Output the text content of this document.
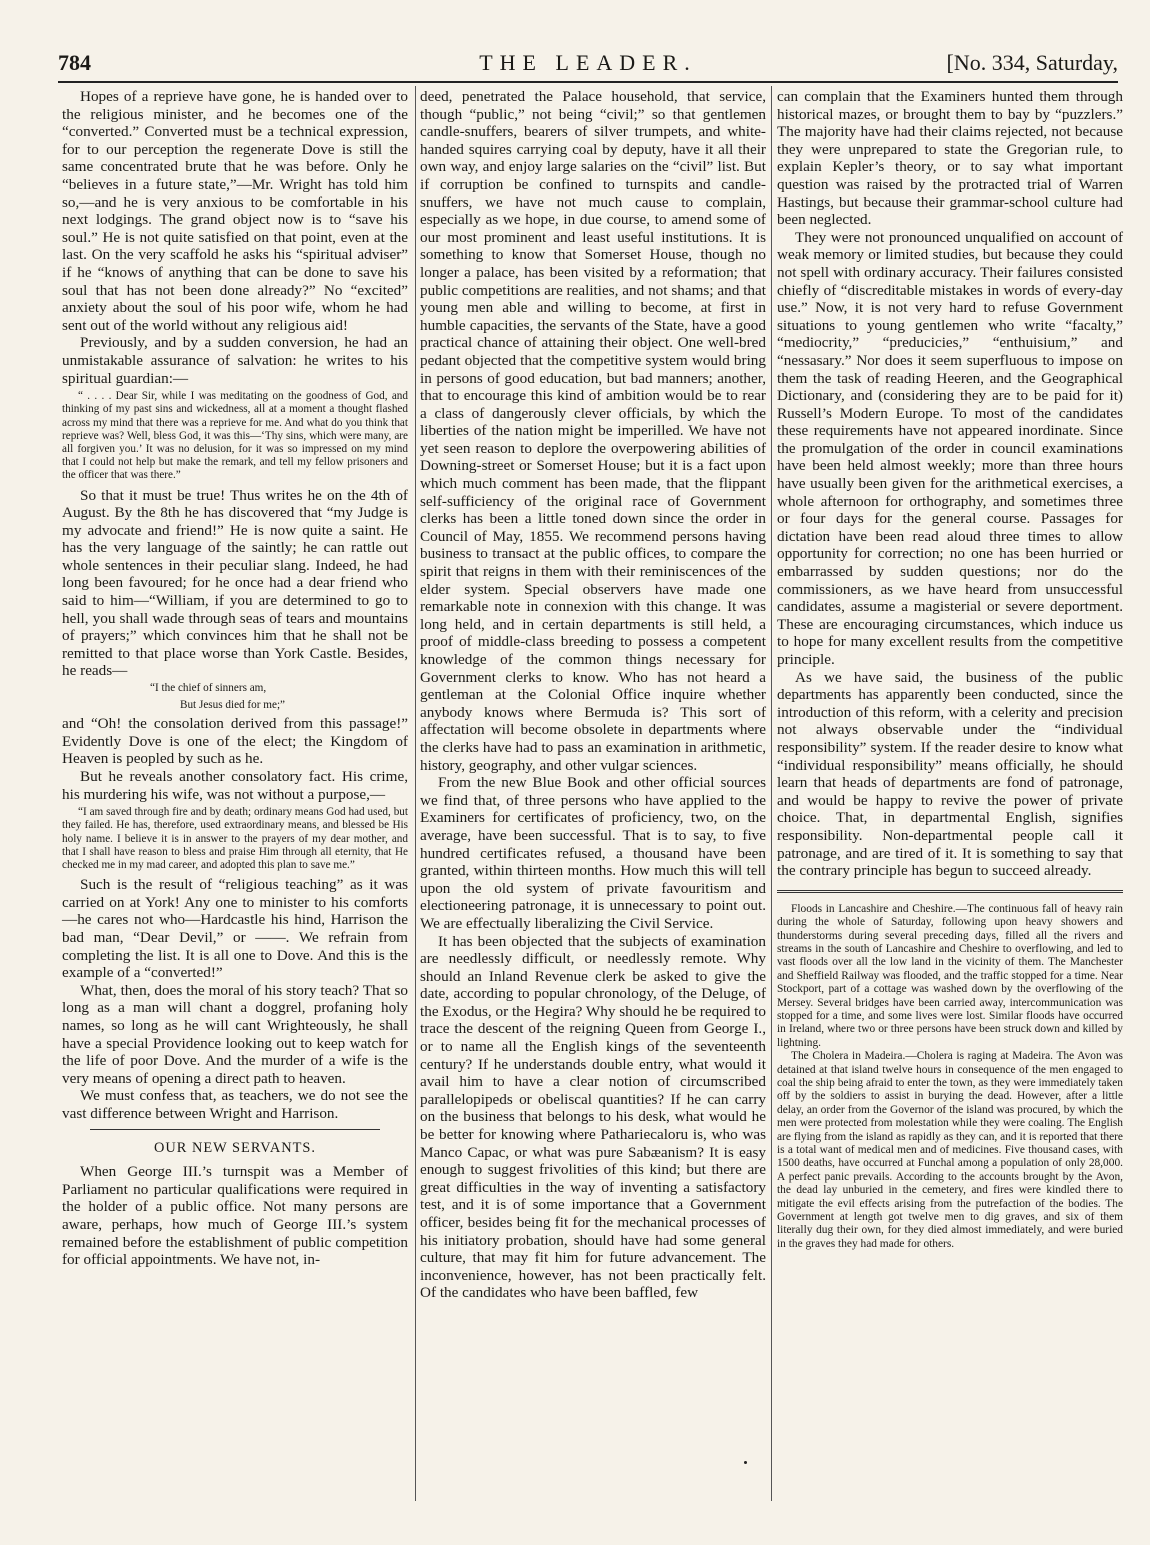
784	THE LEADER.	[No. 334, Saturday,

Hopes of a reprieve have gone, he is handed over to the religious minister, and he becomes one of the “converted.” Converted must be a technical expression, for to our perception the regenerate Dove is still the same concentrated brute that he was before. Only he “believes in a future state,”—Mr. Wright has told him so,—and he is very anxious to be comfortable in his next lodgings. The grand object now is to “save his soul.” He is not quite satisfied on that point, even at the last. On the very scaffold he asks his “spiritual adviser” if he “knows of anything that can be done to save his soul that has not been done already?” No “excited” anxiety about the soul of his poor wife, whom he had sent out of the world without any religious aid!

Previously, and by a sudden conversion, he had an unmistakable assurance of salvation: he writes to his spiritual guardian:—

“ . . . . Dear Sir, while I was meditating on the goodness of God, and thinking of my past sins and wickedness, all at a moment a thought flashed across my mind that there was a reprieve for me. And what do you think that reprieve was? Well, bless God, it was this—‘Thy sins, which were many, are all forgiven you.’ It was no delusion, for it was so impressed on my mind that I could not help but make the remark, and tell my fellow prisoners and the officer that was there.”

So that it must be true! Thus writes he on the 4th of August. By the 8th he has discovered that “my Judge is my advocate and friend!” He is now quite a saint. He has the very language of the saintly; he can rattle out whole sentences in their peculiar slang. Indeed, he had long been favoured; for he once had a dear friend who said to him—“William, if you are determined to go to hell, you shall wade through seas of tears and mountains of prayers;” which convinces him that he shall not be remitted to that place worse than York Castle. Besides, he reads—

“I the chief of sinners am,

But Jesus died for me;”

and “Oh! the consolation derived from this passage!” Evidently Dove is one of the elect; the Kingdom of Heaven is peopled by such as he.

But he reveals another consolatory fact. His crime, his murdering his wife, was not without a purpose,—

“I am saved through fire and by death; ordinary means God had used, but they failed. He has, therefore, used extraordinary means, and blessed be His holy name. I believe it is in answer to the prayers of my dear mother, and that I shall have reason to bless and praise Him through all eternity, that He checked me in my mad career, and adopted this plan to save me.”

Such is the result of “religious teaching” as it was carried on at York! Any one to minister to his comforts—he cares not who—Hardcastle his hind, Harrison the bad man, “Dear Devil,” or ——. We refrain from completing the list. It is all one to Dove. And this is the example of a “converted!”

What, then, does the moral of his story teach? That so long as a man will chant a doggrel, profaning holy names, so long as he will cant Wrighteously, he shall have a special Providence looking out to keep watch for the life of poor Dove. And the murder of a wife is the very means of opening a direct path to heaven.

We must confess that, as teachers, we do not see the vast difference between Wright and Harrison.

OUR NEW SERVANTS.

When George III.’s turnspit was a Member of Parliament no particular qualifications were required in the holder of a public office. Not many persons are aware, perhaps, how much of George III.’s system remained before the establishment of public competition for official appointments. We have not, in-

deed, penetrated the Palace household, that service, though “public,” not being “civil;” so that gentlemen candle-snuffers, bearers of silver trumpets, and white-handed squires carrying coal by deputy, have it all their own way, and enjoy large salaries on the “civil” list. But if corruption be confined to turnspits and candle-snuffers, we have not much cause to complain, especially as we hope, in due course, to amend some of our most prominent and least useful institutions. It is something to know that Somerset House, though no longer a palace, has been visited by a reformation; that public competitions are realities, and not shams; and that young men able and willing to become, at first in humble capacities, the servants of the State, have a good practical chance of attaining their object. One well-bred pedant objected that the competitive system would bring in persons of good education, but bad manners; another, that to encourage this kind of ambition would be to rear a class of dangerously clever officials, by which the liberties of the nation might be imperilled. We have not yet seen reason to deplore the overpowering abilities of Downing-street or Somerset House; but it is a fact upon which much comment has been made, that the flippant self-sufficiency of the original race of Government clerks has been a little toned down since the order in Council of May, 1855. We recommend persons having business to transact at the public offices, to compare the spirit that reigns in them with their reminiscences of the elder system. Special observers have made one remarkable note in connexion with this change. It was long held, and in certain departments is still held, a proof of middle-class breeding to possess a competent knowledge of the common things necessary for Government clerks to know. Who has not heard a gentleman at the Colonial Office inquire whether anybody knows where Bermuda is? This sort of affectation will become obsolete in departments where the clerks have had to pass an examination in arithmetic, history, geography, and other vulgar sciences.

From the new Blue Book and other official sources we find that, of three persons who have applied to the Examiners for certificates of proficiency, two, on the average, have been successful. That is to say, to five hundred certificates refused, a thousand have been granted, within thirteen months. How much this will tell upon the old system of private favouritism and electioneering patronage, it is unnecessary to point out. We are effectually liberalizing the Civil Service.

It has been objected that the subjects of examination are needlessly difficult, or needlessly remote. Why should an Inland Revenue clerk be asked to give the date, according to popular chronology, of the Deluge, of the Exodus, or the Hegira? Why should he be required to trace the descent of the reigning Queen from George I., or to name all the English kings of the seventeenth century? If he understands double entry, what would it avail him to have a clear notion of circumscribed parallelopipeds or obeliscal quantities? If he can carry on the business that belongs to his desk, what would he be better for knowing where Pathariecaloru is, who was Manco Capac, or what was pure Sabæanism? It is easy enough to suggest frivolities of this kind; but there are great difficulties in the way of inventing a satisfactory test, and it is of some importance that a Government officer, besides being fit for the mechanical processes of his initiatory probation, should have had some general culture, that may fit him for future advancement. The inconvenience, however, has not been practically felt. Of the candidates who have been baffled, few

can complain that the Examiners hunted them through historical mazes, or brought them to bay by “puzzlers.” The majority have had their claims rejected, not because they were unprepared to state the Gregorian rule, to explain Kepler’s theory, or to say what important question was raised by the protracted trial of Warren Hastings, but because their grammar-school culture had been neglected.

They were not pronounced unqualified on account of weak memory or limited studies, but because they could not spell with ordinary accuracy. Their failures consisted chiefly of “discreditable mistakes in words of every-day use.” Now, it is not very hard to refuse Government situations to young gentlemen who write “facalty,” “mediocrity,” “preducicies,” “enthuisium,” and “nessasary.” Nor does it seem superfluous to impose on them the task of reading Heeren, and the Geographical Dictionary, and (considering they are to be paid for it) Russell’s Modern Europe. To most of the candidates these requirements have not appeared inordinate. Since the promulgation of the order in council examinations have been held almost weekly; more than three hours have usually been given for the arithmetical exercises, a whole afternoon for orthography, and sometimes three or four days for the general course. Passages for dictation have been read aloud three times to allow opportunity for correction; no one has been hurried or embarrassed by sudden questions; nor do the commissioners, as we have heard from unsuccessful candidates, assume a magisterial or severe deportment. These are encouraging circumstances, which induce us to hope for many excellent results from the competitive principle.

As we have said, the business of the public departments has apparently been conducted, since the introduction of this reform, with a celerity and precision not always observable under the “individual responsibility” system. If the reader desire to know what “individual responsibility” means officially, he should learn that heads of departments are fond of patronage, and would be happy to revive the power of private choice. That, in departmental English, signifies responsibility. Non-departmental people call it patronage, and are tired of it. It is something to say that the contrary principle has begun to succeed already.

Floods in Lancashire and Cheshire.—The continuous fall of heavy rain during the whole of Saturday, following upon heavy showers and thunderstorms during several preceding days, filled all the rivers and streams in the south of Lancashire and Cheshire to overflowing, and led to vast floods over all the low land in the vicinity of them. The Manchester and Sheffield Railway was flooded, and the traffic stopped for a time. Near Stockport, part of a cottage was washed down by the overflowing of the Mersey. Several bridges have been carried away, intercommunication was stopped for a time, and some lives were lost. Similar floods have occurred in Ireland, where two or three persons have been struck down and killed by lightning.

The Cholera in Madeira.—Cholera is raging at Madeira. The Avon was detained at that island twelve hours in consequence of the men engaged to coal the ship being afraid to enter the town, as they were immediately taken off by the soldiers to assist in burying the dead. However, after a little delay, an order from the Governor of the island was procured, by which the men were protected from molestation while they were coaling. The English are flying from the island as rapidly as they can, and it is reported that there is a total want of medical men and of medicines. Five thousand cases, with 1500 deaths, have occurred at Funchal among a population of only 28,000. A perfect panic prevails. According to the accounts brought by the Avon, the dead lay unburied in the cemetery, and fires were kindled there to mitigate the evil effects arising from the putrefaction of the bodies. The Government at length got twelve men to dig graves, and six of them literally dug their own, for they died almost immediately, and were buried in the graves they had made for others.
